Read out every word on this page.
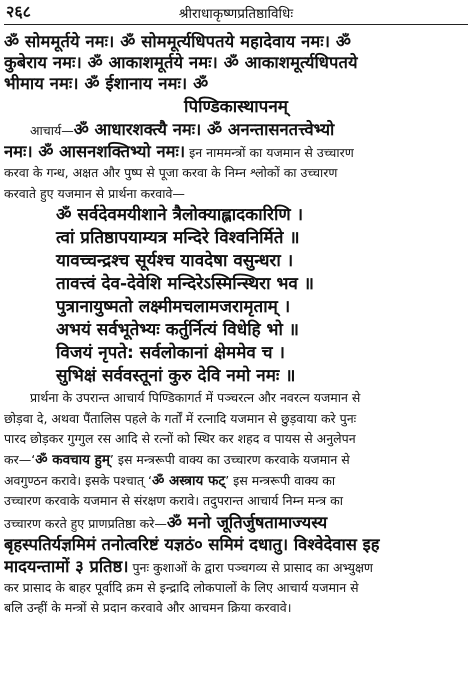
२६८	श्रीराधाकृष्णप्रतिष्ठाविधिः
ॐ सोममूर्तये नमः। ॐ सोममूर्त्यधिपतये महादेवाय नमः। ॐ
कुबेराय नमः। ॐ आकाशमूर्तये नमः। ॐ आकाशमूर्त्यधिपतये
भीमाय नमः। ॐ ईशानाय नमः। ॐ
पिण्डिकास्थापनम्
आचार्य—ॐ आधारशक्त्यै नमः। ॐ अनन्तासनतत्त्वेभ्यो
नमः। ॐ आसनशक्तिभ्यो नमः। इन नाममन्त्रों का यजमान से उच्चारण
करवा के गन्ध, अक्षत और पुष्प से पूजा करवा के निम्न श्लोकों का उच्चारण
करवाते हुए यजमान से प्रार्थना करवावे—
ॐ सर्वदेवमयीशाने त्रैलोक्याह्लादकारिणि ।
त्वां प्रतिष्ठापयाम्यत्र मन्दिरे विश्वनिर्मिते ॥
यावच्चन्द्रश्च सूर्यश्च यावदेषा वसुन्धरा ।
तावत्त्वं देव-देवेशि मन्दिरेऽस्मिन्स्थिरा भव ॥
पुत्रानायुष्मतो लक्ष्मीमचलामजरामृताम् ।
अभयं सर्वभूतेभ्यः कर्तुर्नित्यं विधेहि भो ॥
विजयं नृपते: सर्वलोकानां क्षेममेव च ।
सुभिक्षं सर्ववस्तूनां कुरु देवि नमो नमः ॥
प्रार्थना के उपरान्त आचार्य पिण्डिकागर्त में पञ्चरत्न और नवरत्न यजमान से
छोड़वा दे, अथवा पैंतालिस पहले के गर्तों में रत्नादि यजमान से छुड़वाया करे पुनः
पारद छोड़कर गुग्गुल रस आदि से रत्नों को स्थिर कर शहद व पायस से अनुलेपन
कर—‘ॐ कवचाय हुम्’ इस मन्त्ररूपी वाक्य का उच्चारण करवाके यजमान से
अवगुण्ठन करावे। इसके पश्चात् ‘ॐ अस्त्राय फट्’ इस मन्त्ररूपी वाक्य का
उच्चारण करवाके यजमान से संरक्षण करावे। तदुपरान्त आचार्य निम्न मन्त्र का
उच्चारण करते हुए प्राणप्रतिष्ठा करे—ॐ मनो जूतिर्जुषतामाज्यस्य
बृहस्पतिर्यज्ञमिमं तनोत्वरिष्टं यज्ञठं० समिमं दधातु। विश्वेदेवास इह
मादयन्तामों ३ प्रतिष्ठ। पुनः कुशाओं के द्वारा पञ्चगव्य से प्रासाद का अभ्युक्षण
कर प्रासाद के बाहर पूर्वादि क्रम से इन्द्रादि लोकपालों के लिए आचार्य यजमान से
बलि उन्हीं के मन्त्रों से प्रदान करवावे और आचमन क्रिया करवावे।
